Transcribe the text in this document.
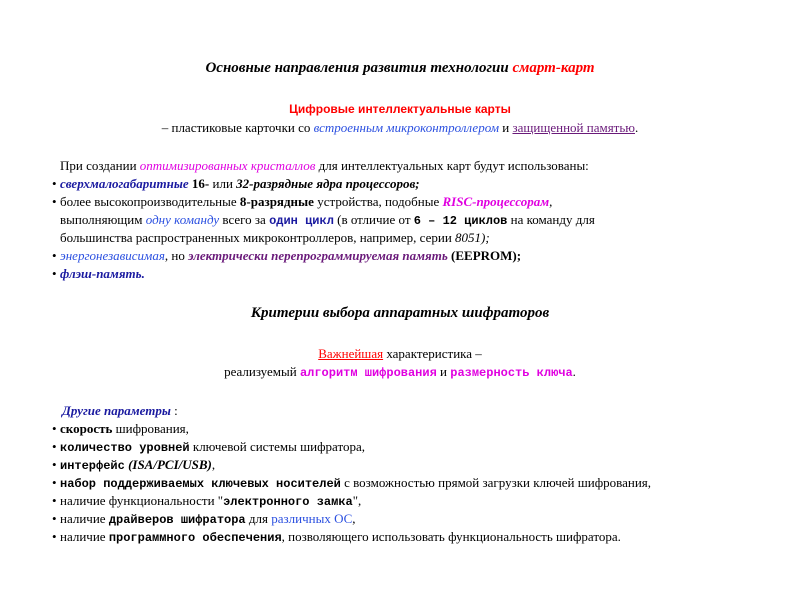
Основные направления развития технологии смарт-карт
Цифровые интеллектуальные карты
– пластиковые карточки со встроенным микроконтроллером и защищенной памятью.
При создании оптимизированных кристаллов для интеллектуальных карт будут использованы:
• сверхмалогабаритные 16- или 32-разрядные ядра процессоров;
• более высокопроизводительные 8-разрядные устройства, подобные RISC-процессорам,
выполняющим одну команду всего за один цикл (в отличие от 6 – 12 циклов на команду для
большинства распространенных микроконтроллеров, например, серии 8051);
• энергонезависимая, но электрически перепрограммируемая память (EEPROM);
• флэш-память.
Критерии выбора аппаратных шифраторов
Важнейшая характеристика –
реализуемый алгоритм шифрования и размерность ключа.
Другие параметры :
• скорость шифрования,
• количество уровней ключевой системы шифратора,
• интерфейс (ISA/PCI/USB),
• набор поддерживаемых ключевых носителей с возможностью прямой загрузки ключей шифрования,
• наличие функциональности "электронного замка",
• наличие драйверов шифратора для различных ОС,
• наличие программного обеспечения, позволяющего использовать функциональность шифратора.
